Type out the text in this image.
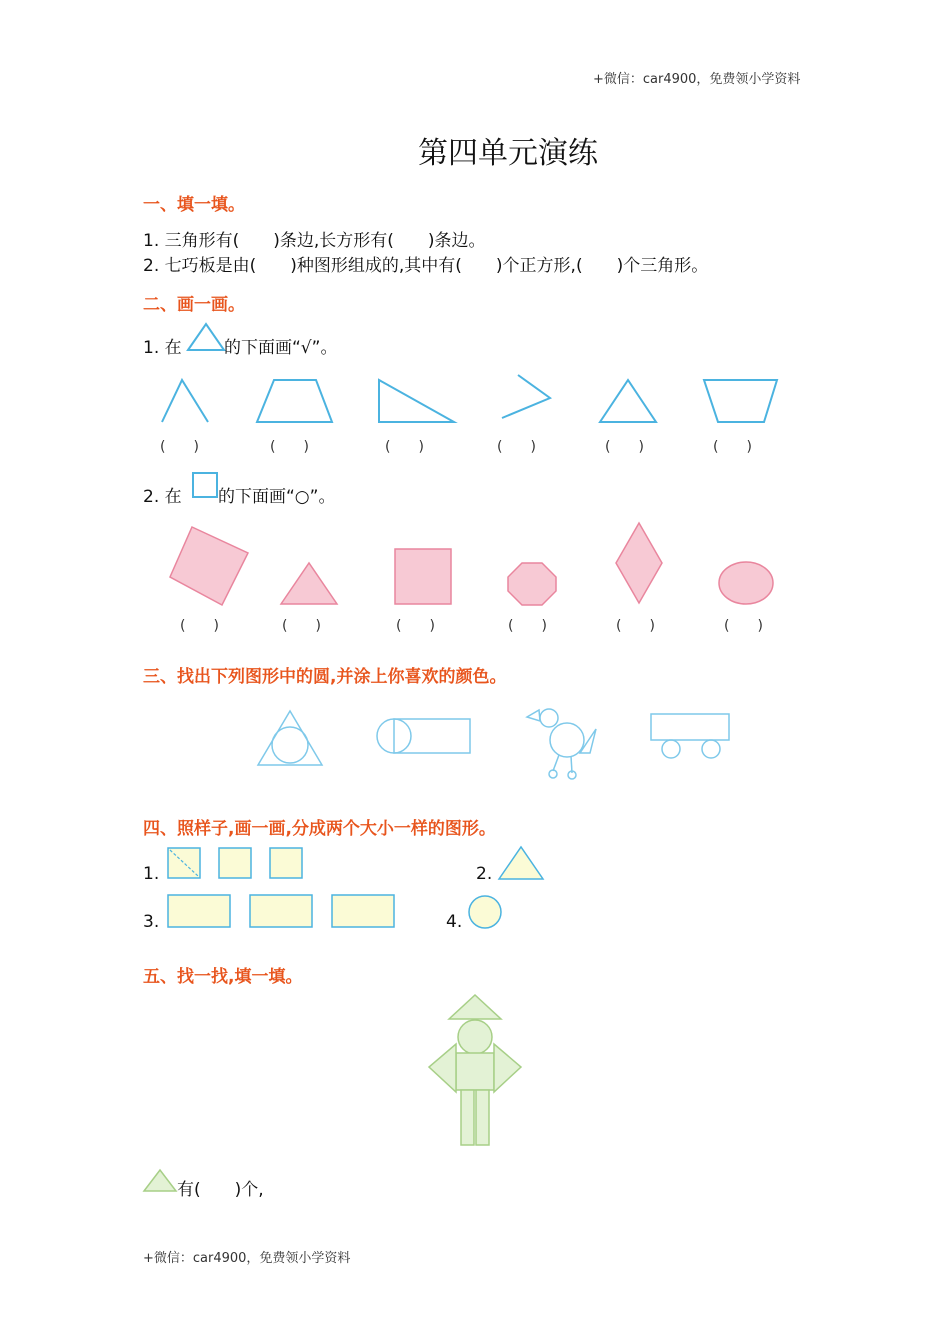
+微信：car4900，免费领小学资料
+微信：car4900，免费领小学资料
第四单元演练
一、填一填。
1. 三角形有(　　)条边,长方形有(　　)条边。
2. 七巧板是由(　　)种图形组成的,其中有(　　)个正方形,(　　)个三角形。
二、画一画。
1. 在 的下面画“√”。
(　　)	(　　)	(　　)	(　　)	(　　)	(　　)
2. 在 的下面画“○”。
(　　)	(　　)	(　　)	(　　)	(　　)	(　　)
三、找出下列图形中的圆,并涂上你喜欢的颜色。
四、照样子,画一画,分成两个大小一样的图形。
1.	2.
3.	4.
五、找一找,填一填。
有(　　)个,
